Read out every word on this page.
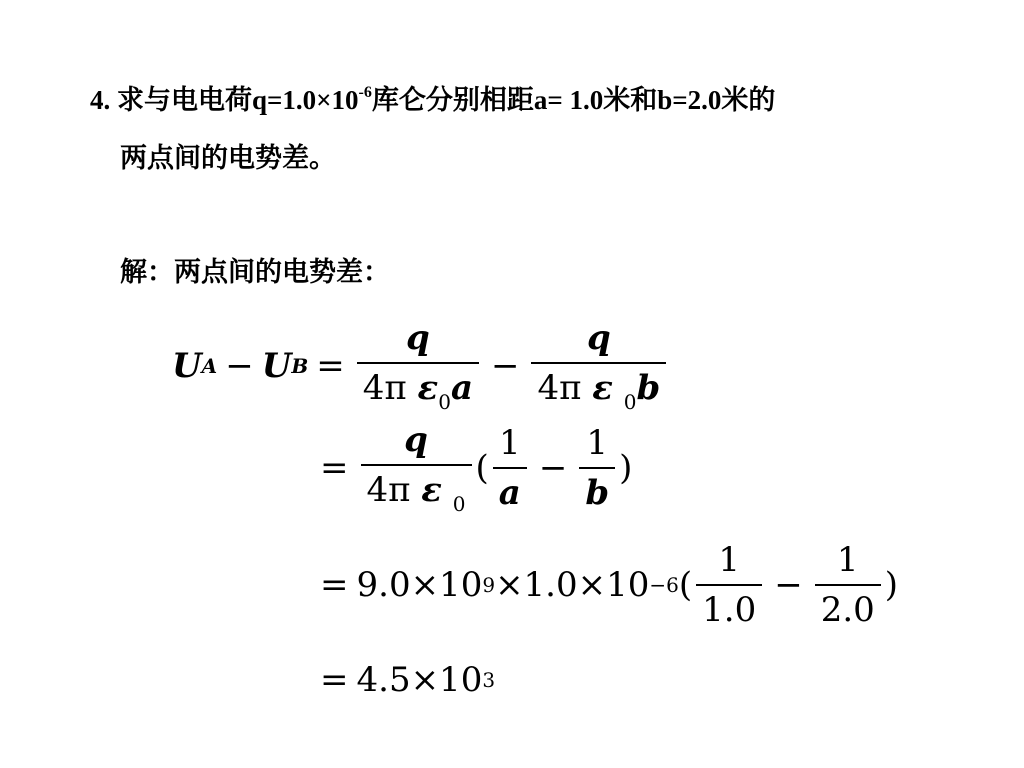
4. 求与电电荷$q=1.0\times 10^{-6}$库仑分别相距a= 1.0米和b=2.0米的
两点间的电势差。
解：两点间的电势差：
U A − U $B = \frac{q}{4\pi \varepsilon_0a} - \frac{q}{4\pi \varepsilon _0b}$
= $\frac{q}{4\pi \varepsilon _0}$ ( $\frac{1}{a} - \frac{1}{b}$ )
= 9.0×10 9 ×1.0×10 −6 ( $\frac{1}{1.0} - \frac{1}{2.0}$ )
= 4.5×10 3
